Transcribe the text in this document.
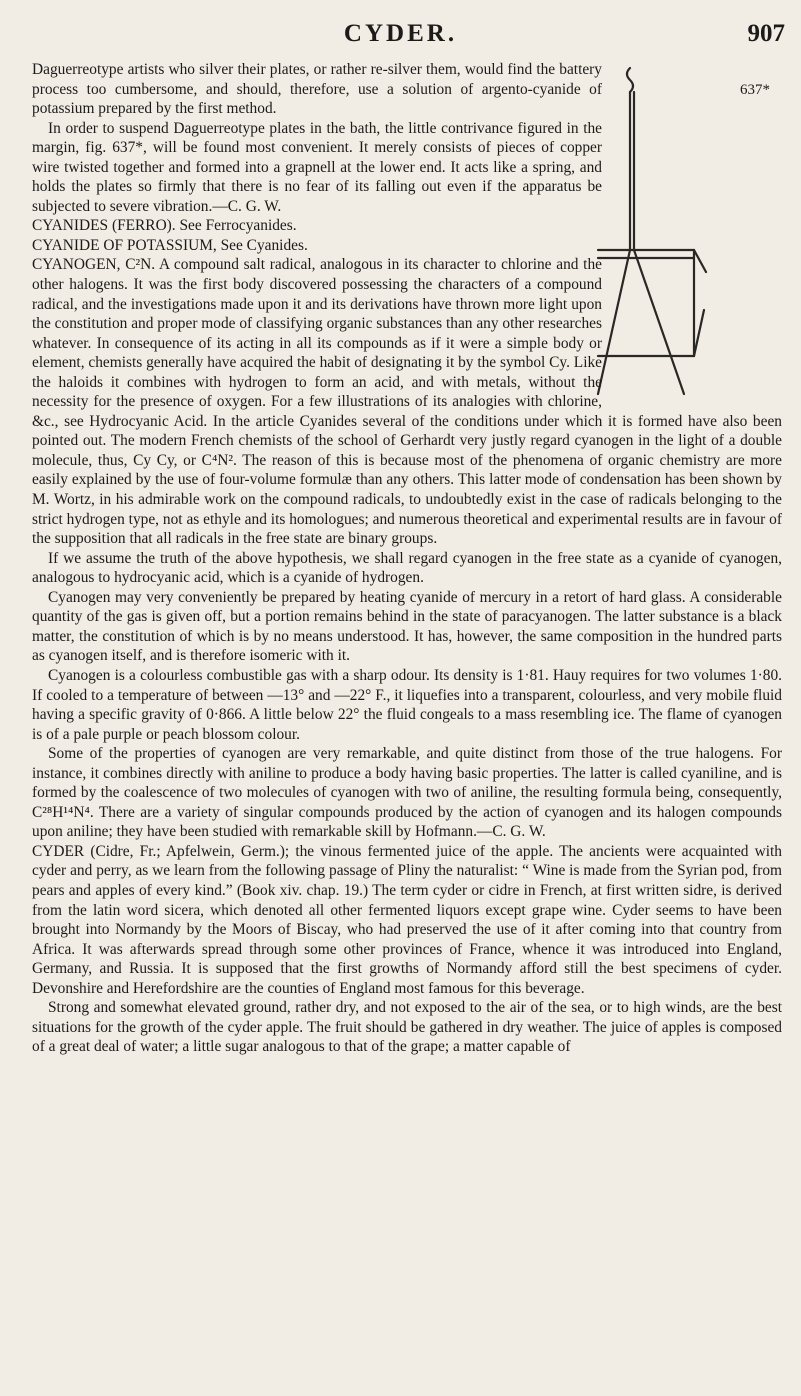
CYDER.	907
637*

Daguerreotype artists who silver their plates, or rather re-silver them, would find the battery process too cumbersome, and should, therefore, use a solution of argento-cyanide of potassium prepared by the first method.

In order to suspend Daguerreotype plates in the bath, the little contrivance figured in the margin, fig. 637*, will be found most convenient. It merely consists of pieces of copper wire twisted together and formed into a grapnell at the lower end. It acts like a spring, and holds the plates so firmly that there is no fear of its falling out even if the apparatus be subjected to severe vibration.—C. G. W.

CYANIDES (FERRO). See Ferrocyanides.

CYANIDE OF POTASSIUM, See Cyanides.

CYANOGEN, C²N. A compound salt radical, analogous in its character to chlorine and the other halogens. It was the first body discovered possessing the characters of a compound radical, and the investigations made upon it and its derivations have thrown more light upon the constitution and proper mode of classifying organic substances than any other researches whatever. In consequence of its acting in all its compounds as if it were a simple body or element, chemists generally have acquired the habit of designating it by the symbol Cy. Like the haloids it combines with hydrogen to form an acid, and with metals, without the necessity for the presence of oxygen. For a few illustrations of its analogies with chlorine, &c., see Hydrocyanic Acid. In the article Cyanides several of the conditions under which it is formed have also been pointed out. The modern French chemists of the school of Gerhardt very justly regard cyanogen in the light of a double molecule, thus, Cy Cy, or C⁴N². The reason of this is because most of the phenomena of organic chemistry are more easily explained by the use of four-volume formulæ than any others. This latter mode of condensation has been shown by M. Wortz, in his admirable work on the compound radicals, to undoubtedly exist in the case of radicals belonging to the strict hydrogen type, not as ethyle and its homologues; and numerous theoretical and experimental results are in favour of the supposition that all radicals in the free state are binary groups.

If we assume the truth of the above hypothesis, we shall regard cyanogen in the free state as a cyanide of cyanogen, analogous to hydrocyanic acid, which is a cyanide of hydrogen.

Cyanogen may very conveniently be prepared by heating cyanide of mercury in a retort of hard glass. A considerable quantity of the gas is given off, but a portion remains behind in the state of paracyanogen. The latter substance is a black matter, the constitution of which is by no means understood. It has, however, the same composition in the hundred parts as cyanogen itself, and is therefore isomeric with it.

Cyanogen is a colourless combustible gas with a sharp odour. Its density is 1·81. Hauy requires for two volumes 1·80. If cooled to a temperature of between —13° and —22° F., it liquefies into a transparent, colourless, and very mobile fluid having a specific gravity of 0·866. A little below 22° the fluid congeals to a mass resembling ice. The flame of cyanogen is of a pale purple or peach blossom colour.

Some of the properties of cyanogen are very remarkable, and quite distinct from those of the true halogens. For instance, it combines directly with aniline to produce a body having basic properties. The latter is called cyaniline, and is formed by the coalescence of two molecules of cyanogen with two of aniline, the resulting formula being, consequently, C²⁸H¹⁴N⁴. There are a variety of singular compounds produced by the action of cyanogen and its halogen compounds upon aniline; they have been studied with remarkable skill by Hofmann.—C. G. W.

CYDER (Cidre, Fr.; Apfelwein, Germ.); the vinous fermented juice of the apple. The ancients were acquainted with cyder and perry, as we learn from the following passage of Pliny the naturalist: “ Wine is made from the Syrian pod, from pears and apples of every kind.” (Book xiv. chap. 19.) The term cyder or cidre in French, at first written sidre, is derived from the latin word sicera, which denoted all other fermented liquors except grape wine. Cyder seems to have been brought into Normandy by the Moors of Biscay, who had preserved the use of it after coming into that country from Africa. It was afterwards spread through some other provinces of France, whence it was introduced into England, Germany, and Russia. It is supposed that the first growths of Normandy afford still the best specimens of cyder. Devonshire and Herefordshire are the counties of England most famous for this beverage.

Strong and somewhat elevated ground, rather dry, and not exposed to the air of the sea, or to high winds, are the best situations for the growth of the cyder apple. The fruit should be gathered in dry weather. The juice of apples is composed of a great deal of water; a little sugar analogous to that of the grape; a matter capable of
